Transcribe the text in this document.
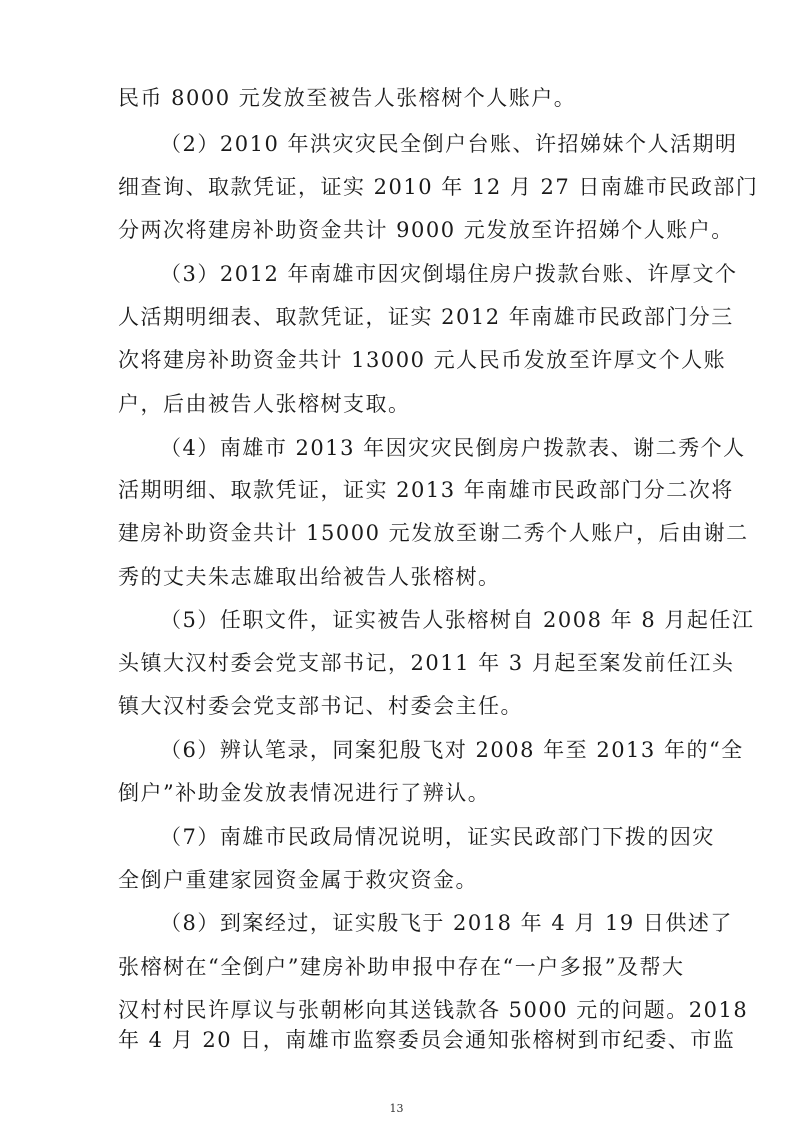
民币 8000 元发放至被告人张榕树个人账户。
（2）2010 年洪灾灾民全倒户台账、许招娣妹个人活期明
细查询、取款凭证，证实 2010 年 12 月 27 日南雄市民政部门
分两次将建房补助资金共计 9000 元发放至许招娣个人账户。
（3）2012 年南雄市因灾倒塌住房户拨款台账、许厚文个
人活期明细表、取款凭证，证实 2012 年南雄市民政部门分三
次将建房补助资金共计 13000 元人民币发放至许厚文个人账
户，后由被告人张榕树支取。
（4）南雄市 2013 年因灾灾民倒房户拨款表、谢二秀个人
活期明细、取款凭证，证实 2013 年南雄市民政部门分二次将
建房补助资金共计 15000 元发放至谢二秀个人账户，后由谢二
秀的丈夫朱志雄取出给被告人张榕树。
（5）任职文件，证实被告人张榕树自 2008 年 8 月起任江
头镇大汉村委会党支部书记，2011 年 3 月起至案发前任江头
镇大汉村委会党支部书记、村委会主任。
（6）辨认笔录，同案犯殷飞对 2008 年至 2013 年的“全
倒户”补助金发放表情况进行了辨认。
（7）南雄市民政局情况说明，证实民政部门下拨的因灾
全倒户重建家园资金属于救灾资金。
（8）到案经过，证实殷飞于 2018 年 4 月 19 日供述了
张榕树在“全倒户”建房补助申报中存在“一户多报”及帮大
汉村村民许厚议与张朝彬向其送钱款各 5000 元的问题。2018
年 4 月 20 日，南雄市监察委员会通知张榕树到市纪委、市监
13
